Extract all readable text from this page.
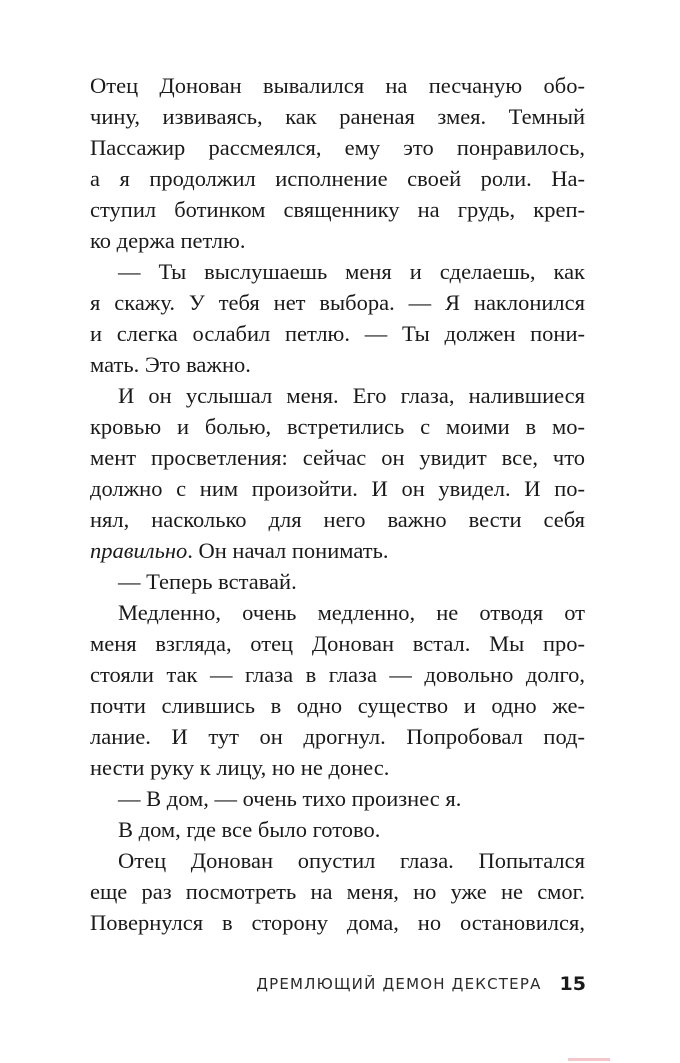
Отец Донован вывалился на песчаную обо-
чину, извиваясь, как раненая змея. Темный
Пассажир рассмеялся, ему это понравилось,
а я продолжил исполнение своей роли. На-
ступил ботинком священнику на грудь, креп-
ко держа петлю.
— Ты выслушаешь меня и сделаешь, как
я скажу. У тебя нет выбора. — Я наклонился
и слегка ослабил петлю. — Ты должен пони-
мать. Это важно.
И он услышал меня. Его глаза, налившиеся
кровью и болью, встретились с моими в мо-
мент просветления: сейчас он увидит все, что
должно с ним произойти. И он увидел. И по-
нял, насколько для него важно вести себя
правильно. Он начал понимать.
— Теперь вставай.
Медленно, очень медленно, не отводя от
меня взгляда, отец Донован встал. Мы про-
стояли так — глаза в глаза — довольно долго,
почти слившись в одно существо и одно же-
лание. И тут он дрогнул. Попробовал под-
нести руку к лицу, но не донес.
— В дом, — очень тихо произнес я.
В дом, где все было готово.
Отец Донован опустил глаза. Попытался
еще раз посмотреть на меня, но уже не смог.
Повернулся в сторону дома, но остановился,
ДРЕМЛЮЩИЙ ДЕМОН ДЕКСТЕРА 15
